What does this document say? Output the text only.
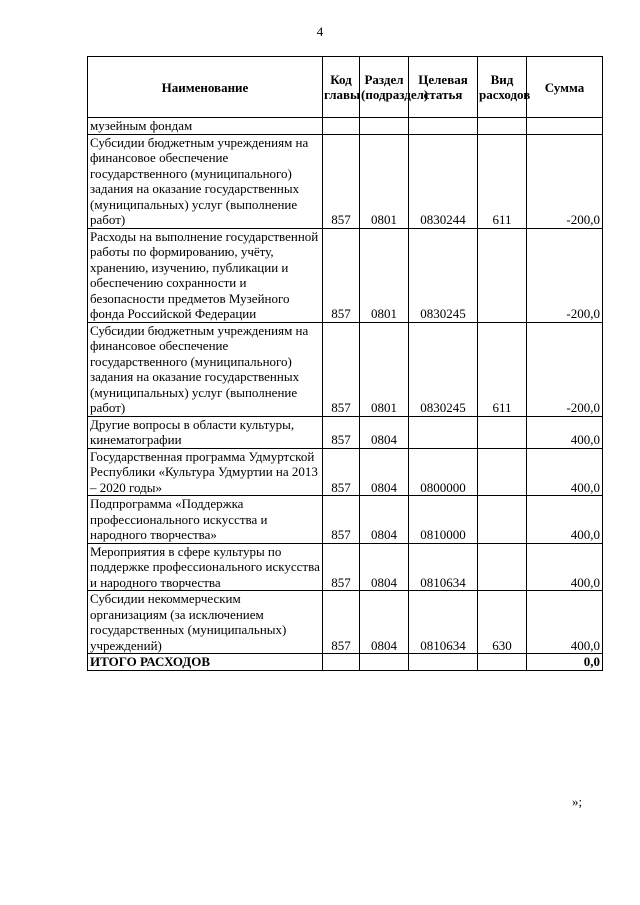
4
Наименование	Код главы	Раздел (подраздел)	Целевая статья	Вид расходов	Сумма
музейным фондам					
Субсидии бюджетным учреждениям на финансовое обеспечение государственного (муниципального) задания на оказание государственных (муниципальных) услуг (выполнение работ)	857	0801	0830244	611	-200,0
Расходы на выполнение государственной работы по формированию, учёту, хранению, изучению, публикации и обеспечению сохранности и безопасности предметов Музейного фонда Российской Федерации	857	0801	0830245		-200,0
Субсидии бюджетным учреждениям на финансовое обеспечение государственного (муниципального) задания на оказание государственных (муниципальных) услуг (выполнение работ)	857	0801	0830245	611	-200,0
Другие вопросы в области культуры, кинематографии	857	0804			400,0
Государственная программа Удмуртской Республики «Культура Удмуртии на 2013 – 2020 годы»	857	0804	0800000		400,0
Подпрограмма «Поддержка профессионального искусства и народного творчества»	857	0804	0810000		400,0
Мероприятия в сфере культуры по поддержке профессионального искусства и народного творчества	857	0804	0810634		400,0
Субсидии некоммерческим организациям (за исключением государственных (муниципальных) учреждений)	857	0804	0810634	630	400,0
ИТОГО РАСХОДОВ					0,0
»;
